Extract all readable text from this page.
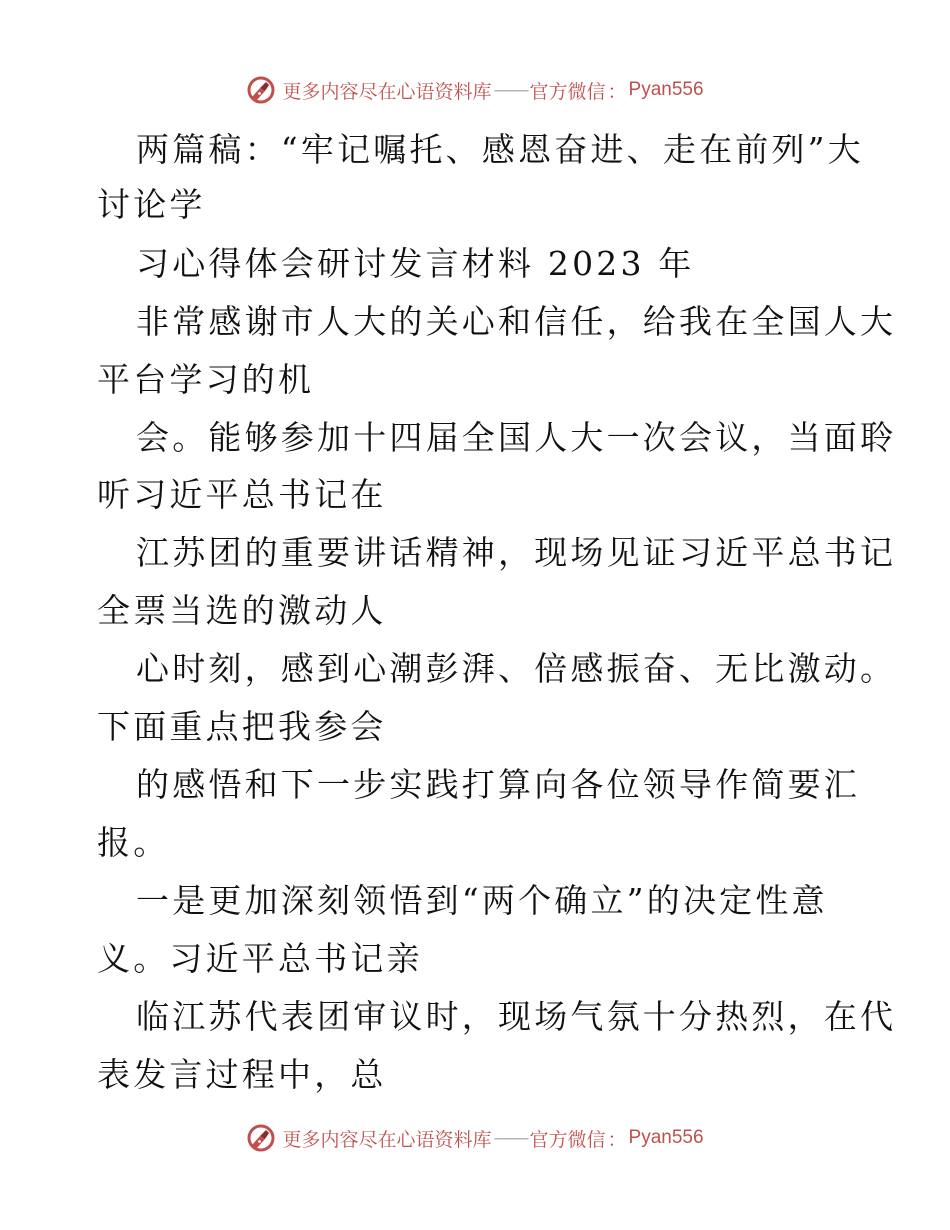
更多内容尽在心语资料库 —— 官方微信 ： Pyan556
两篇稿：“牢记嘱托、感恩奋进、走在前列”大
讨论学
习心得体会研讨发言材料 2023 年
非常感谢市人大的关心和信任，给我在全国人大
平台学习的机
会。能够参加十四届全国人大一次会议，当面聆
听习近平总书记在
江苏团的重要讲话精神，现场见证习近平总书记
全票当选的激动人
心时刻，感到心潮彭湃、倍感振奋、无比激动。
下面重点把我参会
的感悟和下一步实践打算向各位领导作简要汇
报。
一是更加深刻领悟到“两个确立”的决定性意
义。习近平总书记亲
临江苏代表团审议时，现场气氛十分热烈，在代
表发言过程中，总
更多内容尽在心语资料库 —— 官方微信 ： Pyan556
